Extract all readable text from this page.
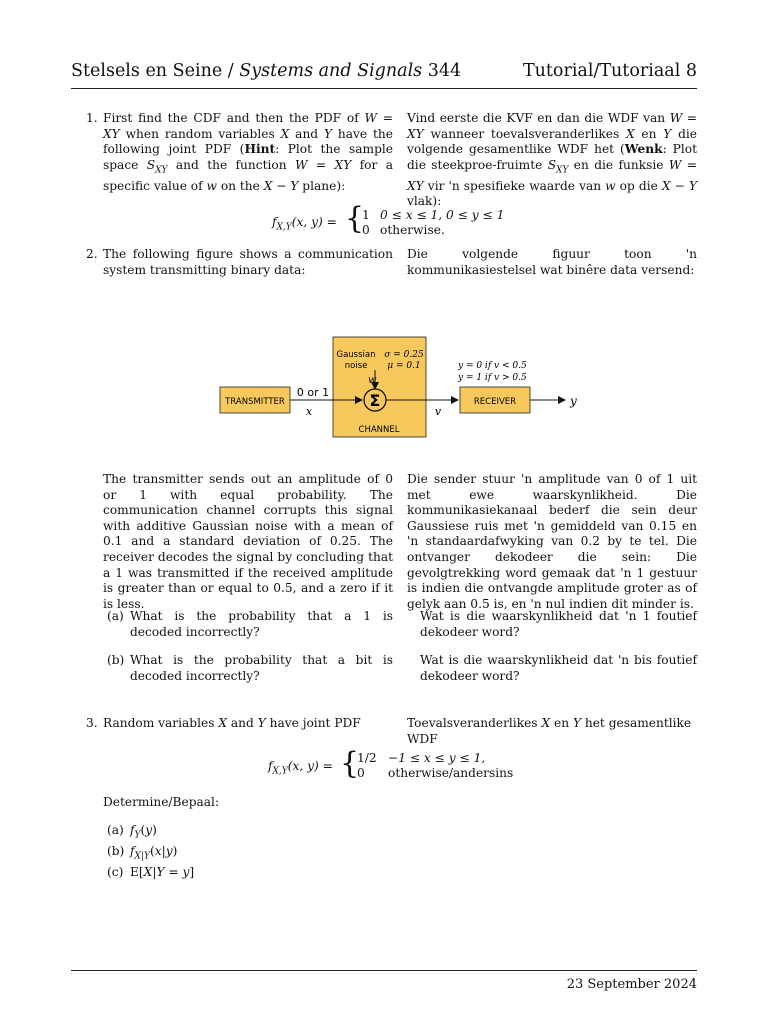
Stelsels en Seine / Systems and Signals 344	Tutorial/Tutoriaal 8
1. First find the CDF and then the PDF of W = XY when random variables X and Y have the following joint PDF (Hint: Plot the sample space $S_{XY}$ and the function W = XY for a specific value of w on the X − Y plane):
Vind eerste die KVF en dan die WDF van W = XY wanneer toevalsveranderlikes X en Y die volgende gesamentlike WDF het (Wenk: Plot die steekproe-fruimte $S_{XY}$ en die funksie W = XY vir 'n spesifieke waarde van w op die X − Y vlak):
$f_{X,Y}(x$, y) = {
1 0 ≤ x ≤ 1, 0 ≤ y ≤ 1
0 otherwise.
2. The following figure shows a communication system transmitting binary data:
Die volgende figuur toon 'n kommunikasiestelsel wat binêre data versend:
TRANSMITTER
CHANNEL
Gaussian
noise
σ = 0.25
μ = 0.1
w
Σ
0 or 1
x	v
RECEIVER
y = 0 if v < 0.5
y = 1 if v > 0.5
y
The transmitter sends out an amplitude of 0 or 1 with equal probability. The communication channel corrupts this signal with additive Gaussian noise with a mean of 0.1 and a standard deviation of 0.25. The receiver decodes the signal by concluding that a 1 was transmitted if the received amplitude is greater than or equal to 0.5, and a zero if it is less.
Die sender stuur 'n amplitude van 0 of 1 uit met ewe waarskynlikheid. Die kommunikasiekanaal bederf die sein deur Gaussiese ruis met 'n gemiddeld van 0.15 en 'n standaardafwyking van 0.2 by te tel. Die ontvanger dekodeer die sein: Die gevolgtrekking word gemaak dat 'n 1 gestuur is indien die ontvangde amplitude groter as of gelyk aan 0.5 is, en 'n nul indien dit minder is.
(a) What is the probability that a 1 is decoded incorrectly?
Wat is die waarskynlikheid dat 'n 1 foutief dekodeer word?
(b) What is the probability that a bit is decoded incorrectly?
Wat is die waarskynlikheid dat 'n bis foutief dekodeer word?
3. Random variables X and Y have joint PDF	Toevalsveranderlikes X en Y het gesamentlike WDF
$f_{X,Y}(x$, y) = {
1/2 −1 ≤ x ≤ y ≤ 1,
0 otherwise/andersins
Determine/Bepaal:
(a) $f_Y(y)$
(b) $f_{X|Y}(x|y)$
(c) E[X|Y = y]
23 September 2024
